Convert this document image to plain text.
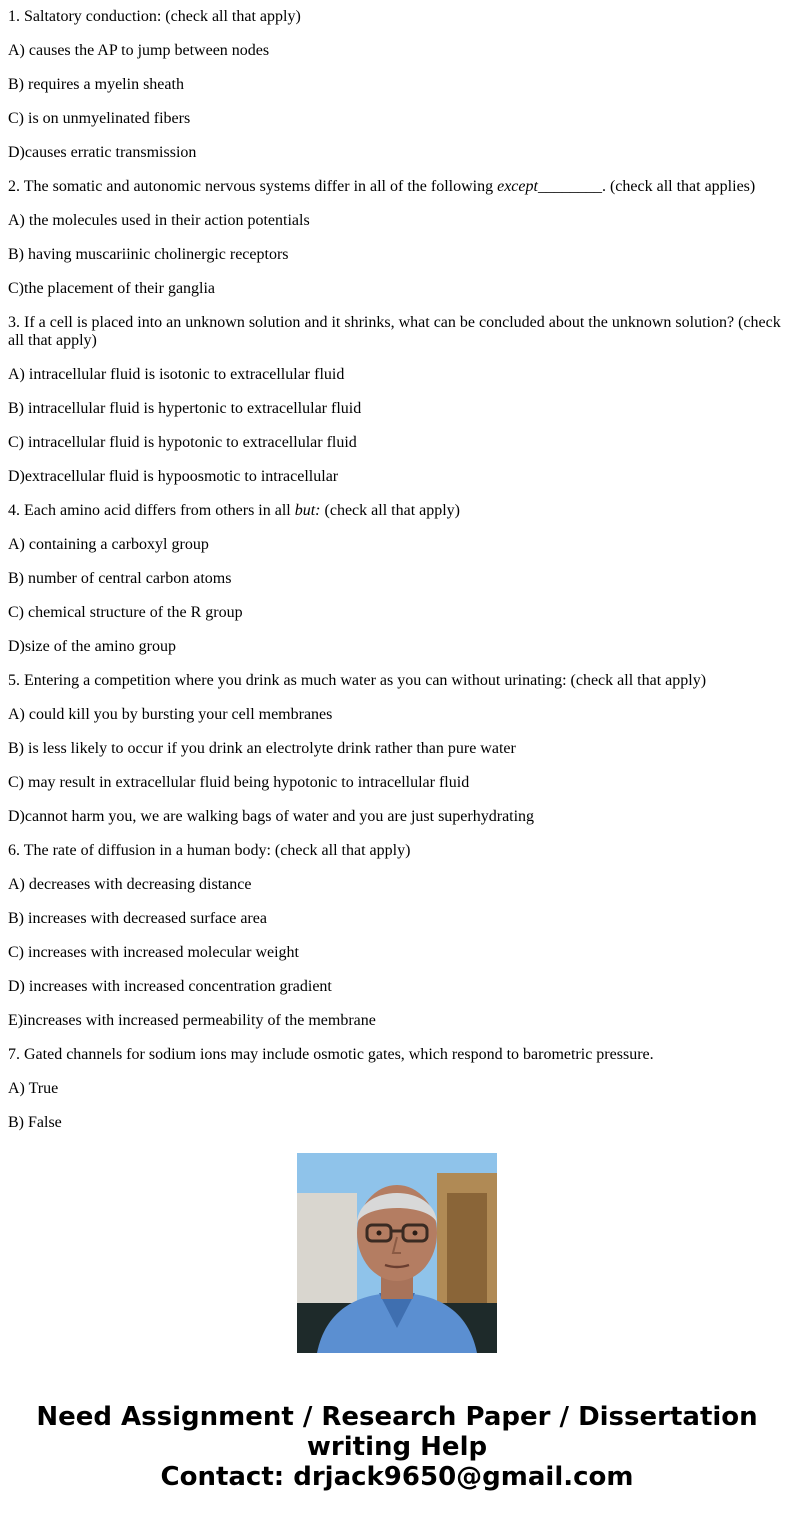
1. Saltatory conduction: (check all that apply)

A) causes the AP to jump between nodes

B) requires a myelin sheath

C) is on unmyelinated fibers

D)causes erratic transmission

2. The somatic and autonomic nervous systems differ in all of the following except________. (check all that applies)

A) the molecules used in their action potentials

B) having muscariinic cholinergic receptors

C)the placement of their ganglia

3. If a cell is placed into an unknown solution and it shrinks, what can be concluded about the unknown solution? (check all that apply)

A) intracellular fluid is isotonic to extracellular fluid

B) intracellular fluid is hypertonic to extracellular fluid

C) intracellular fluid is hypotonic to extracellular fluid

D)extracellular fluid is hypoosmotic to intracellular

4. Each amino acid differs from others in all but: (check all that apply)

A) containing a carboxyl group

B) number of central carbon atoms

C) chemical structure of the R group

D)size of the amino group

5. Entering a competition where you drink as much water as you can without urinating: (check all that apply)

A) could kill you by bursting your cell membranes

B) is less likely to occur if you drink an electrolyte drink rather than pure water

C) may result in extracellular fluid being hypotonic to intracellular fluid

D)cannot harm you, we are walking bags of water and you are just superhydrating

6. The rate of diffusion in a human body: (check all that apply)

A) decreases with decreasing distance

B) increases with decreased surface area

C) increases with increased molecular weight

D) increases with increased concentration gradient

E)increases with increased permeability of the membrane

7. Gated channels for sodium ions may include osmotic gates, which respond to barometric pressure.

A) True

B) False

Need Assignment / Research Paper / Dissertation writing Help
Contact: drjack9650@gmail.com
